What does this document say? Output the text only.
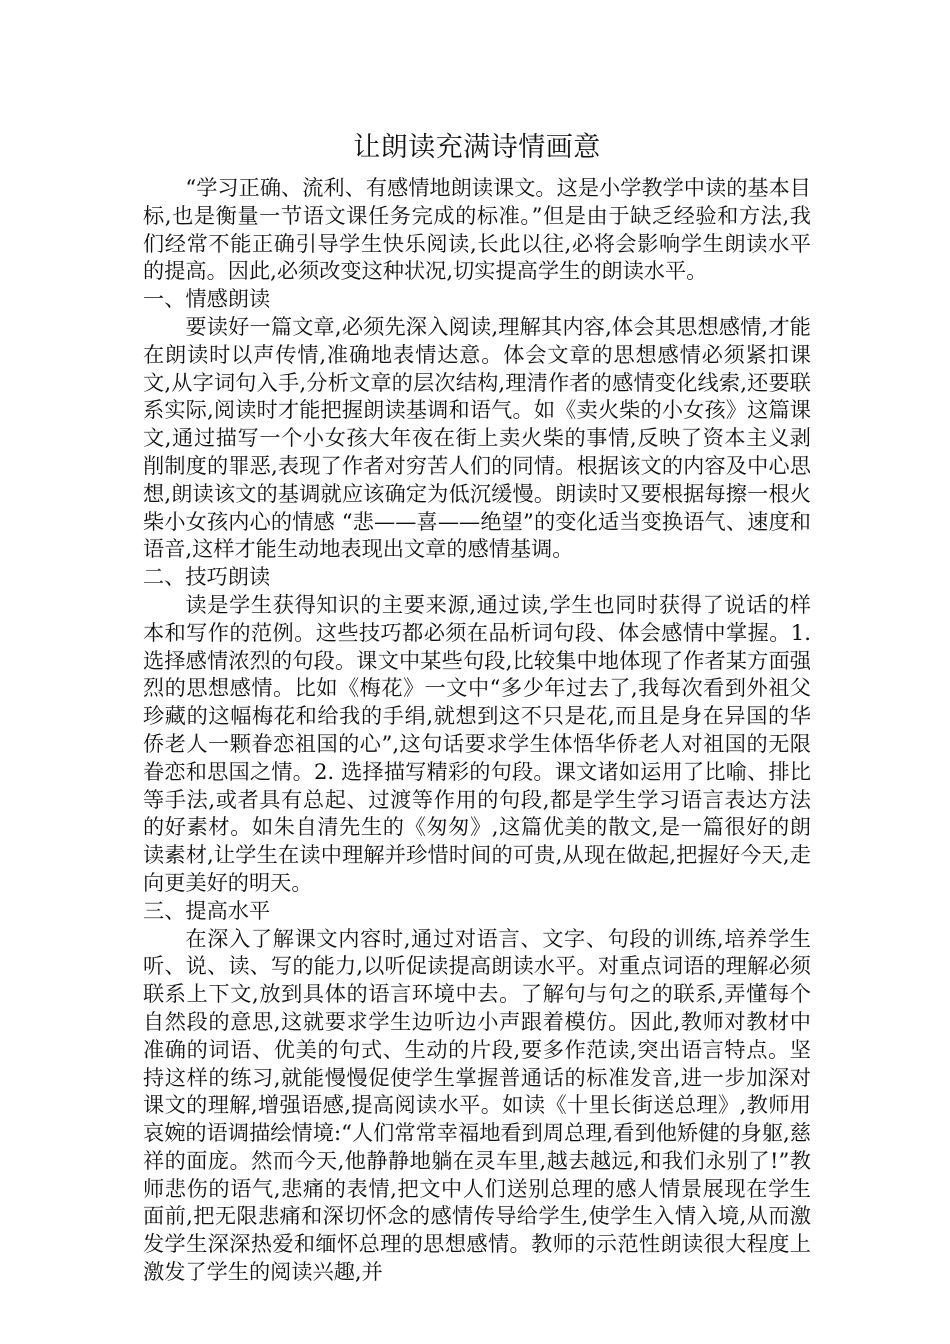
让朗读充满诗情画意

“学习正确、流利、有感情地朗读课文。这是小学教学中读的基本目标,也是衡量一节语文课任务完成的标准。”但是由于缺乏经验和方法,我们经常不能正确引导学生快乐阅读,长此以往,必将会影响学生朗读水平的提高。因此,必须改变这种状况,切实提高学生的朗读水平。

一、情感朗读

要读好一篇文章,必须先深入阅读,理解其内容,体会其思想感情,才能在朗读时以声传情,准确地表情达意。体会文章的思想感情必须紧扣课文,从字词句入手,分析文章的层次结构,理清作者的感情变化线索,还要联系实际,阅读时才能把握朗读基调和语气。如《卖火柴的小女孩》这篇课文,通过描写一个小女孩大年夜在街上卖火柴的事情,反映了资本主义剥削制度的罪恶,表现了作者对穷苦人们的同情。根据该文的内容及中心思想,朗读该文的基调就应该确定为低沉缓慢。朗读时又要根据每擦一根火柴小女孩内心的情感 “悲——喜——绝望”的变化适当变换语气、速度和语音,这样才能生动地表现出文章的感情基调。

二、技巧朗读

读是学生获得知识的主要来源,通过读,学生也同时获得了说话的样本和写作的范例。这些技巧都必须在品析词句段、体会感情中掌握。1. 选择感情浓烈的句段。课文中某些句段,比较集中地体现了作者某方面强烈的思想感情。比如《梅花》一文中“多少年过去了,我每次看到外祖父珍藏的这幅梅花和给我的手绢,就想到这不只是花,而且是身在异国的华侨老人一颗眷恋祖国的心”,这句话要求学生体悟华侨老人对祖国的无限眷恋和思国之情。2. 选择描写精彩的句段。课文诸如运用了比喻、排比等手法,或者具有总起、过渡等作用的句段,都是学生学习语言表达方法的好素材。如朱自清先生的《匆匆》,这篇优美的散文,是一篇很好的朗读素材,让学生在读中理解并珍惜时间的可贵,从现在做起,把握好今天,走向更美好的明天。

三、提高水平

在深入了解课文内容时,通过对语言、文字、句段的训练,培养学生听、说、读、写的能力,以听促读提高朗读水平。对重点词语的理解必须联系上下文,放到具体的语言环境中去。了解句与句之的联系,弄懂每个自然段的意思,这就要求学生边听边小声跟着模仿。因此,教师对教材中准确的词语、优美的句式、生动的片段,要多作范读,突出语言特点。坚持这样的练习,就能慢慢促使学生掌握普通话的标准发音,进一步加深对课文的理解,增强语感,提高阅读水平。如读《十里长街送总理》,教师用哀婉的语调描绘情境:“人们常常幸福地看到周总理,看到他矫健的身躯,慈祥的面庞。然而今天,他静静地躺在灵车里,越去越远,和我们永别了!”教师悲伤的语气,悲痛的表情,把文中人们送别总理的感人情景展现在学生面前,把无限悲痛和深切怀念的感情传导给学生,使学生入情入境,从而激发学生深深热爱和缅怀总理的思想感情。教师的示范性朗读很大程度上激发了学生的阅读兴趣,并
